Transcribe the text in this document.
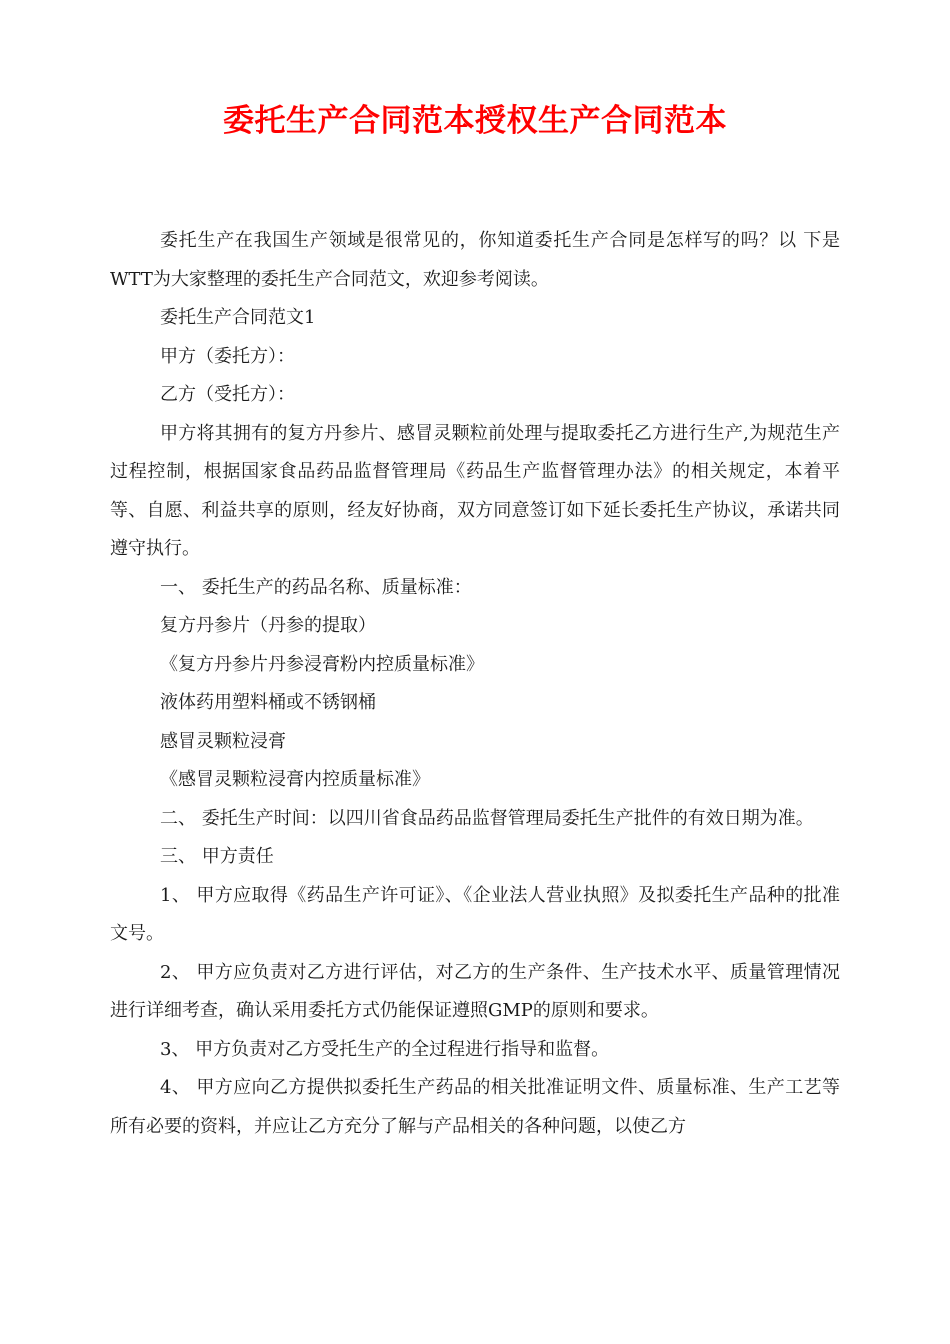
委托生产合同范本授权生产合同范本

委托生产在我国生产领域是很常见的，你知道委托生产合同是怎样写的吗？以 下是WTT为大家整理的委托生产合同范文，欢迎参考阅读。

委托生产合同范文1

甲方（委托方）：

乙方（受托方）：

甲方将其拥有的复方丹参片、感冒灵颗粒前处理与提取委托乙方进行生产,为规范生产过程控制，根据国家食品药品监督管理局《药品生产监督管理办法》的相关规定，本着平等、自愿、利益共享的原则，经友好协商，双方同意签订如下延长委托生产协议，承诺共同遵守执行。

一、 委托生产的药品名称、质量标准：

复方丹参片（丹参的提取）

《复方丹参片丹参浸膏粉内控质量标准》

液体药用塑料桶或不锈钢桶

感冒灵颗粒浸膏

《感冒灵颗粒浸膏内控质量标准》

二、 委托生产时间：以四川省食品药品监督管理局委托生产批件的有效日期为准。

三、 甲方责任

1、 甲方应取得《药品生产许可证》、《企业法人营业执照》及拟委托生产品种的批准文号。

2、 甲方应负责对乙方进行评估，对乙方的生产条件、生产技术水平、质量管理情况进行详细考查，确认采用委托方式仍能保证遵照GMP的原则和要求。

3、 甲方负责对乙方受托生产的全过程进行指导和监督。

4、 甲方应向乙方提供拟委托生产药品的相关批准证明文件、质量标准、生产工艺等所有必要的资料，并应让乙方充分了解与产品相关的各种问题，以使乙方
